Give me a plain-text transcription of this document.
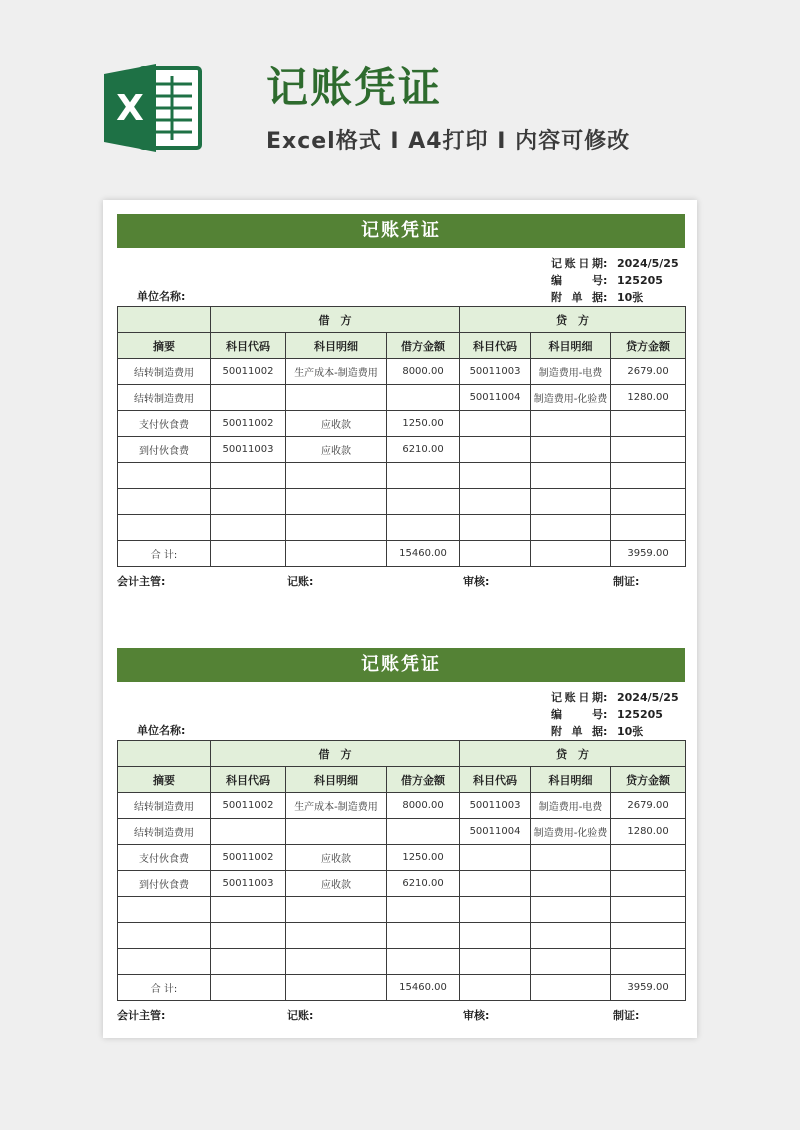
X	记账凭证
Excel格式 Ⅰ A4打印 Ⅰ 内容可修改
记账凭证
记账日期 : 2024/5/25
编号 : 125205
附单据 : 10张
单位名称:
	借　方			贷　方		
摘要	科目代码	科目明细	借方金额	科目代码	科目明细	贷方金额
结转制造费用	50011002	生产成本-制造费用	8000.00	50011003	制造费用-电费	2679.00
结转制造费用				50011004	制造费用-化验费	1280.00
支付伙食费	50011002	应收款	1250.00			
到付伙食费	50011003	应收款	6210.00			

合 计:			15460.00			3959.00
会计主管:	记账:	审核:	制证:
记账凭证
记账日期 : 2024/5/25
编号 : 125205
附单据 : 10张
单位名称:
	借　方			贷　方		
摘要	科目代码	科目明细	借方金额	科目代码	科目明细	贷方金额
结转制造费用	50011002	生产成本-制造费用	8000.00	50011003	制造费用-电费	2679.00
结转制造费用				50011004	制造费用-化验费	1280.00
支付伙食费	50011002	应收款	1250.00			
到付伙食费	50011003	应收款	6210.00			

合 计:			15460.00			3959.00
会计主管:	记账:	审核:	制证:
